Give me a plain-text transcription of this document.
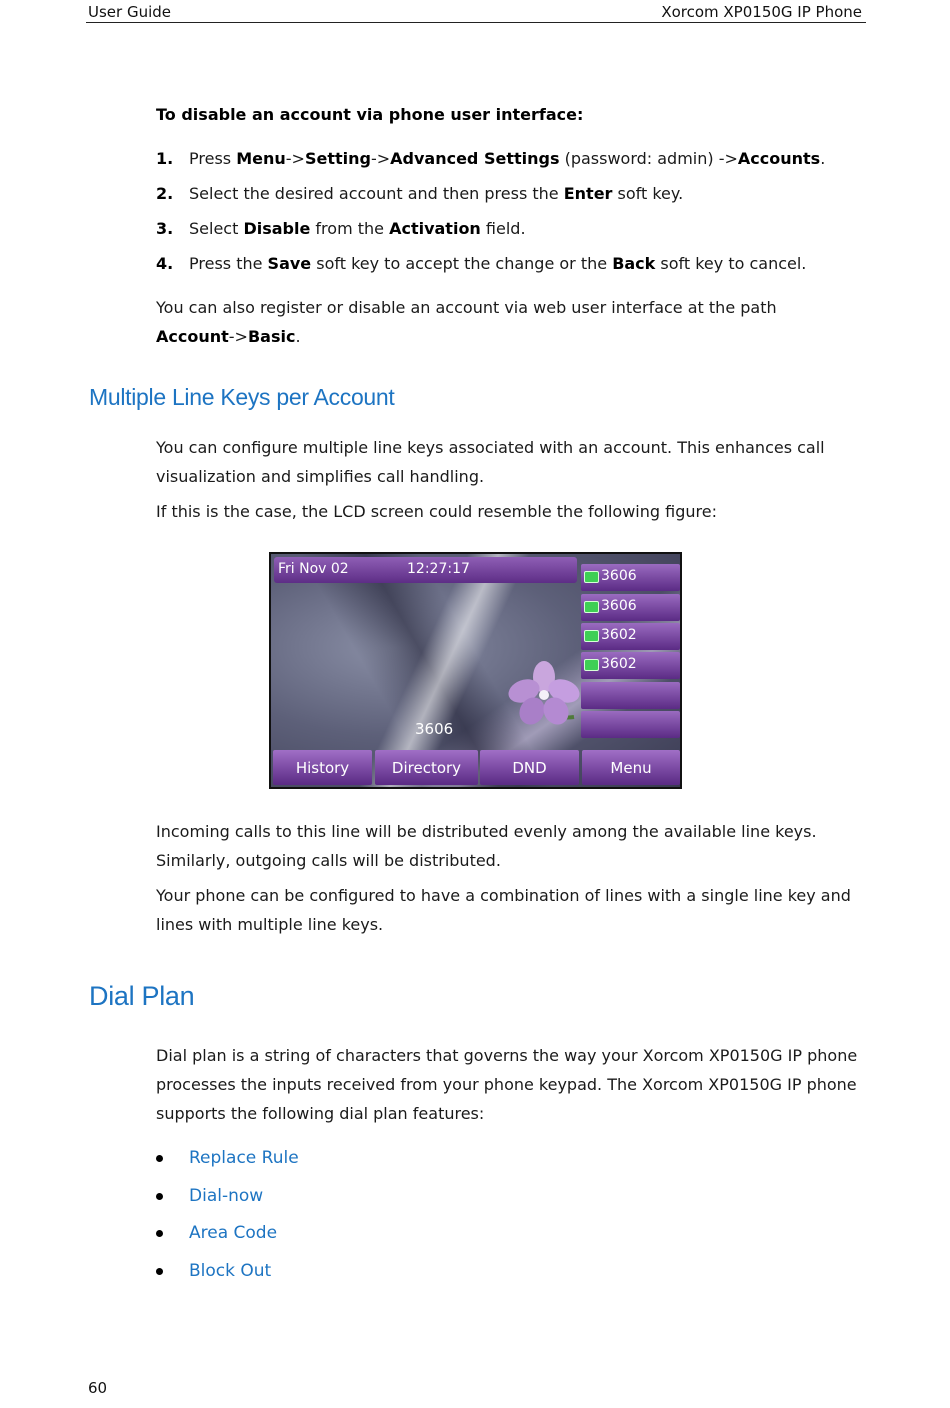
User Guide	Xorcom XP0150G IP Phone
To disable an account via phone user interface:
1. Press Menu->Setting->Advanced Settings (password: admin) ->Accounts.
2. Select the desired account and then press the Enter soft key.
3. Select Disable from the Activation field.
4. Press the Save soft key to accept the change or the Back soft key to cancel.
You can also register or disable an account via web user interface at the path
Account->Basic.
Multiple Line Keys per Account
You can configure multiple line keys associated with an account. This enhances call visualization and simplifies call handling.
If this is the case, the LCD screen could resemble the following figure:
Fri Nov 02	12:27:17	3606
3606
3602
3602
3606
History	Directory	DND	Menu
Incoming calls to this line will be distributed evenly among the available line keys. Similarly, outgoing calls will be distributed.
Your phone can be configured to have a combination of lines with a single line key and lines with multiple line keys.
Dial Plan
Dial plan is a string of characters that governs the way your Xorcom XP0150G IP phone processes the inputs received from your phone keypad. The Xorcom XP0150G IP phone supports the following dial plan features:
Replace Rule
Dial-now
Area Code
Block Out
60
